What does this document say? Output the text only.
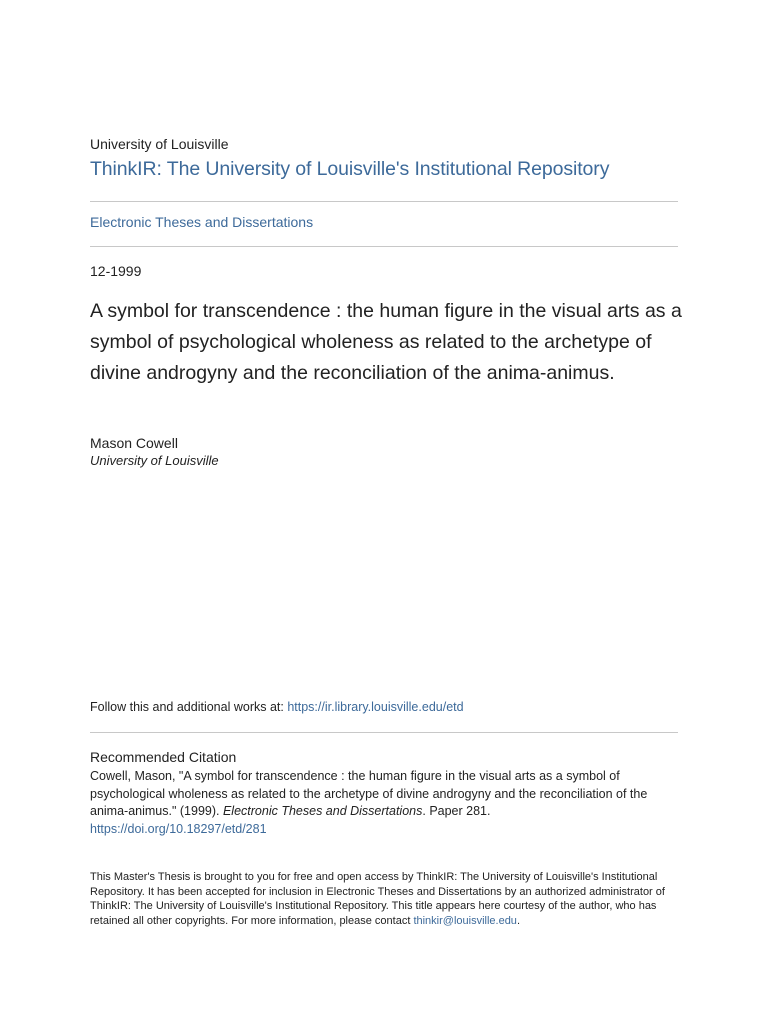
University of Louisville
ThinkIR: The University of Louisville's Institutional Repository
Electronic Theses and Dissertations
12-1999
A symbol for transcendence : the human figure in the visual arts as a symbol of psychological wholeness as related to the archetype of divine androgyny and the reconciliation of the anima-animus.
Mason Cowell
University of Louisville
Follow this and additional works at: https://ir.library.louisville.edu/etd
Recommended Citation
Cowell, Mason, "A symbol for transcendence : the human figure in the visual arts as a symbol of psychological wholeness as related to the archetype of divine androgyny and the reconciliation of the anima-animus." (1999). Electronic Theses and Dissertations. Paper 281.
https://doi.org/10.18297/etd/281
This Master's Thesis is brought to you for free and open access by ThinkIR: The University of Louisville's Institutional Repository. It has been accepted for inclusion in Electronic Theses and Dissertations by an authorized administrator of ThinkIR: The University of Louisville's Institutional Repository. This title appears here courtesy of the author, who has retained all other copyrights. For more information, please contact thinkir@louisville.edu.
